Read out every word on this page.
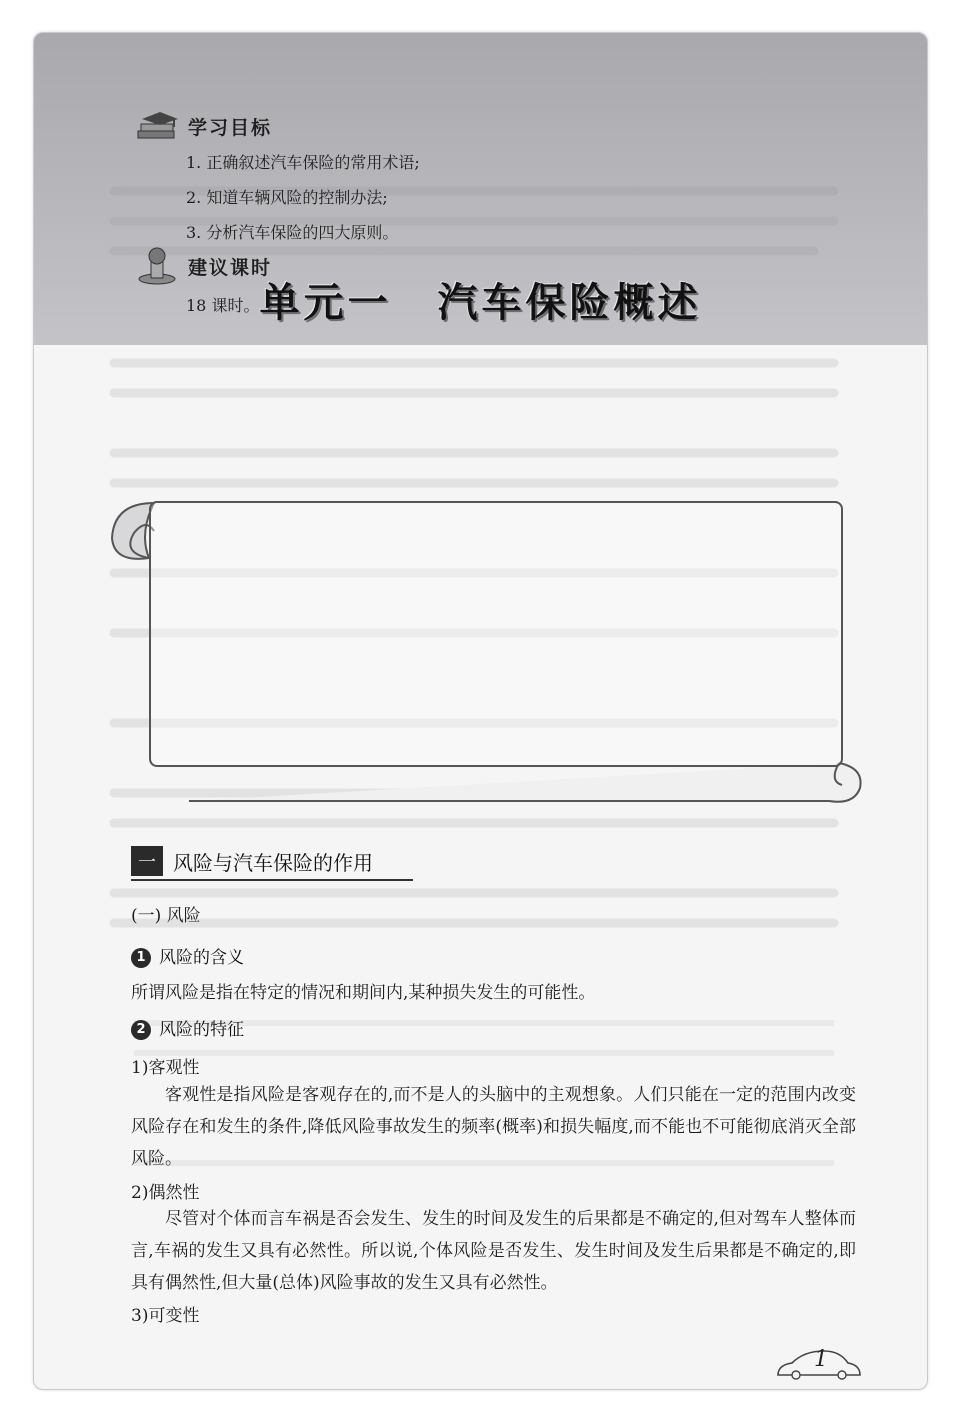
单元一 汽车保险概述
学习目标
1. 正确叙述汽车保险的常用术语;
2. 知道车辆风险的控制办法;
3. 分析汽车保险的四大原则。
建议课时
18 课时。
一 风险与汽车保险的作用
(一) 风险
1 风险的含义
所谓风险是指在特定的情况和期间内,某种损失发生的可能性。
2 风险的特征
1)客观性
客观性是指风险是客观存在的,而不是人的头脑中的主观想象。人们只能在一定的范围内改变风险存在和发生的条件,降低风险事故发生的频率(概率)和损失幅度,而不能也不可能彻底消灭全部风险。
2)偶然性
尽管对个体而言车祸是否会发生、发生的时间及发生的后果都是不确定的,但对驾车人整体而言,车祸的发生又具有必然性。所以说,个体风险是否发生、发生时间及发生后果都是不确定的,即具有偶然性,但大量(总体)风险事故的发生又具有必然性。
3)可变性
1
